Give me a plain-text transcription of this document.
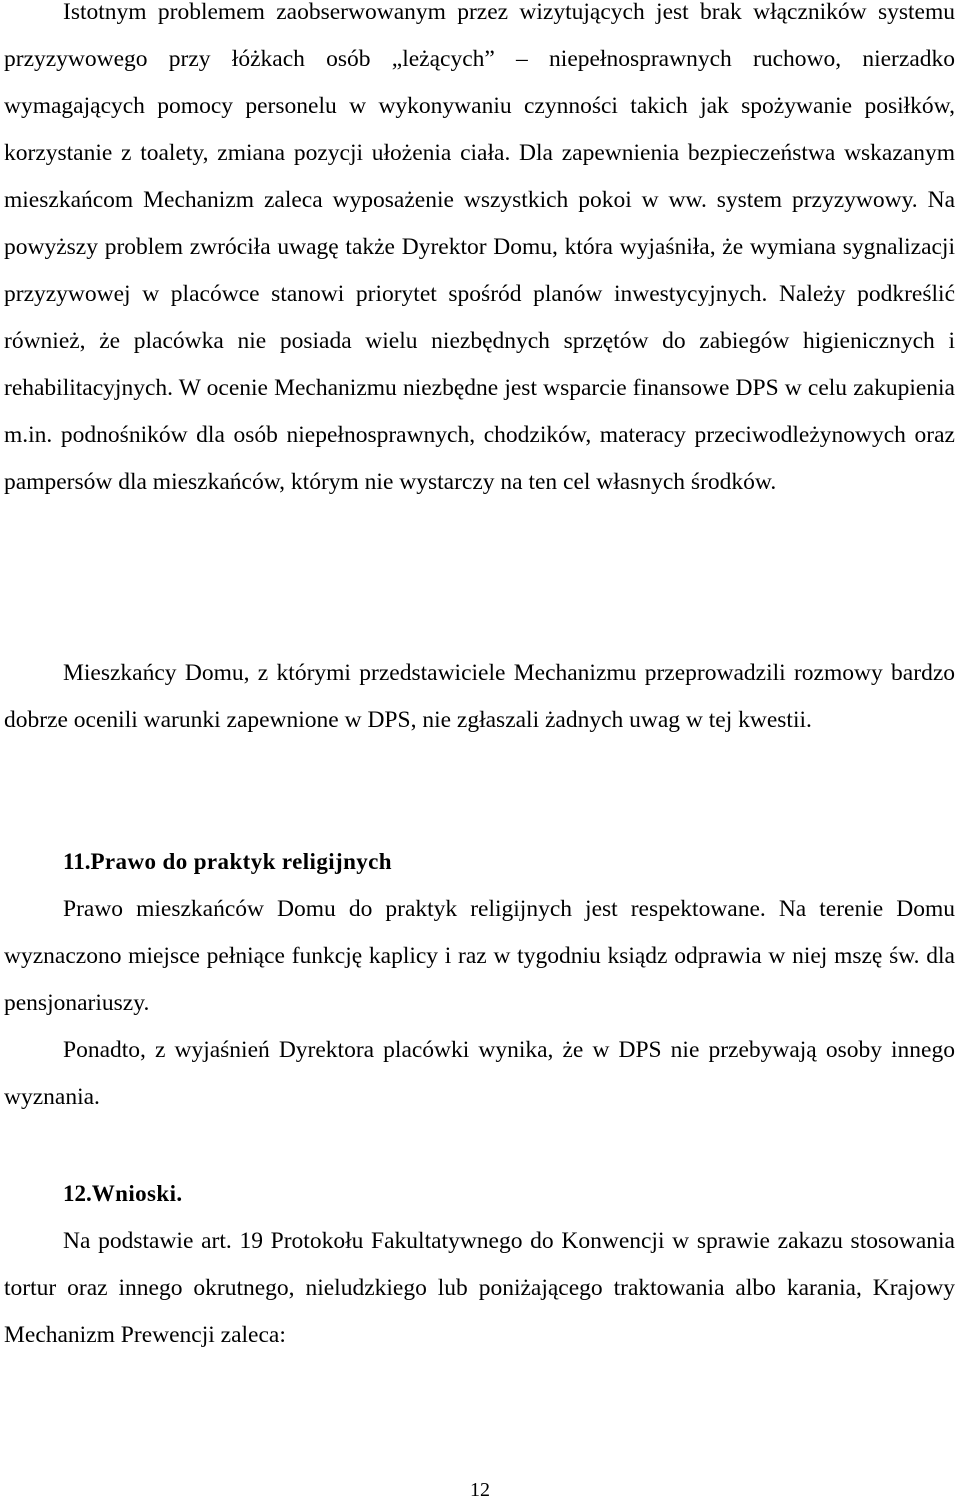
Istotnym problemem zaobserwowanym przez wizytujących jest brak włączników systemu przyzywowego przy łóżkach osób „leżących” – niepełnosprawnych ruchowo, nierzadko wymagających pomocy personelu w wykonywaniu czynności takich jak spożywanie posiłków, korzystanie z toalety, zmiana pozycji ułożenia ciała. Dla zapewnienia bezpieczeństwa wskazanym mieszkańcom Mechanizm zaleca wyposażenie wszystkich pokoi w ww. system przyzywowy. Na powyższy problem zwróciła uwagę także Dyrektor Domu, która wyjaśniła, że wymiana sygnalizacji przyzywowej w placówce stanowi priorytet spośród planów inwestycyjnych. Należy podkreślić również, że placówka nie posiada wielu niezbędnych sprzętów do zabiegów higienicznych i rehabilitacyjnych. W ocenie Mechanizmu niezbędne jest wsparcie finansowe DPS w celu zakupienia m.in. podnośników dla osób niepełnosprawnych, chodzików, materacy przeciwodleżynowych oraz pampersów dla mieszkańców, którym nie wystarczy na ten cel własnych środków.

Mieszkańcy Domu, z którymi przedstawiciele Mechanizmu przeprowadzili rozmowy bardzo dobrze ocenili warunki zapewnione w DPS, nie zgłaszali żadnych uwag w tej kwestii.

11.Prawo do praktyk religijnych

Prawo mieszkańców Domu do praktyk religijnych jest respektowane. Na terenie Domu wyznaczono miejsce pełniące funkcję kaplicy i raz w tygodniu ksiądz odprawia w niej mszę św. dla pensjonariuszy.

Ponadto, z wyjaśnień Dyrektora placówki wynika, że w DPS nie przebywają osoby innego wyznania.

12.Wnioski.

Na podstawie art. 19 Protokołu Fakultatywnego do Konwencji w sprawie zakazu stosowania tortur oraz innego okrutnego, nieludzkiego lub poniżającego traktowania albo karania, Krajowy Mechanizm Prewencji zaleca:

12
